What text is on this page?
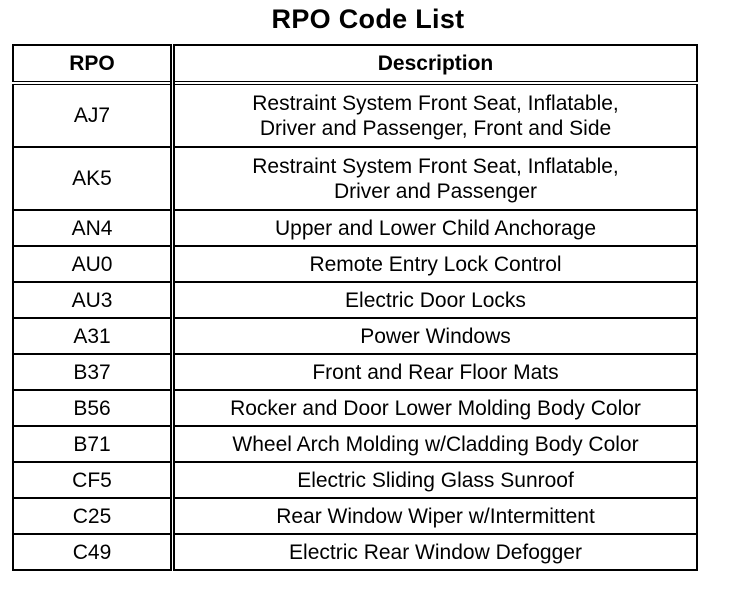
RPO Code List
RPO	Description
AJ7	Restraint System Front Seat, Inflatable,
Driver and Passenger, Front and Side

AK5	Restraint System Front Seat, Inflatable,
Driver and Passenger

AN4	Upper and Lower Child Anchorage

AU0	Remote Entry Lock Control

AU3	Electric Door Locks

A31	Power Windows

B37	Front and Rear Floor Mats

B56	Rocker and Door Lower Molding Body Color

B71	Wheel Arch Molding w/Cladding Body Color

CF5	Electric Sliding Glass Sunroof

C25	Rear Window Wiper w/Intermittent

C49	Electric Rear Window Defogger
